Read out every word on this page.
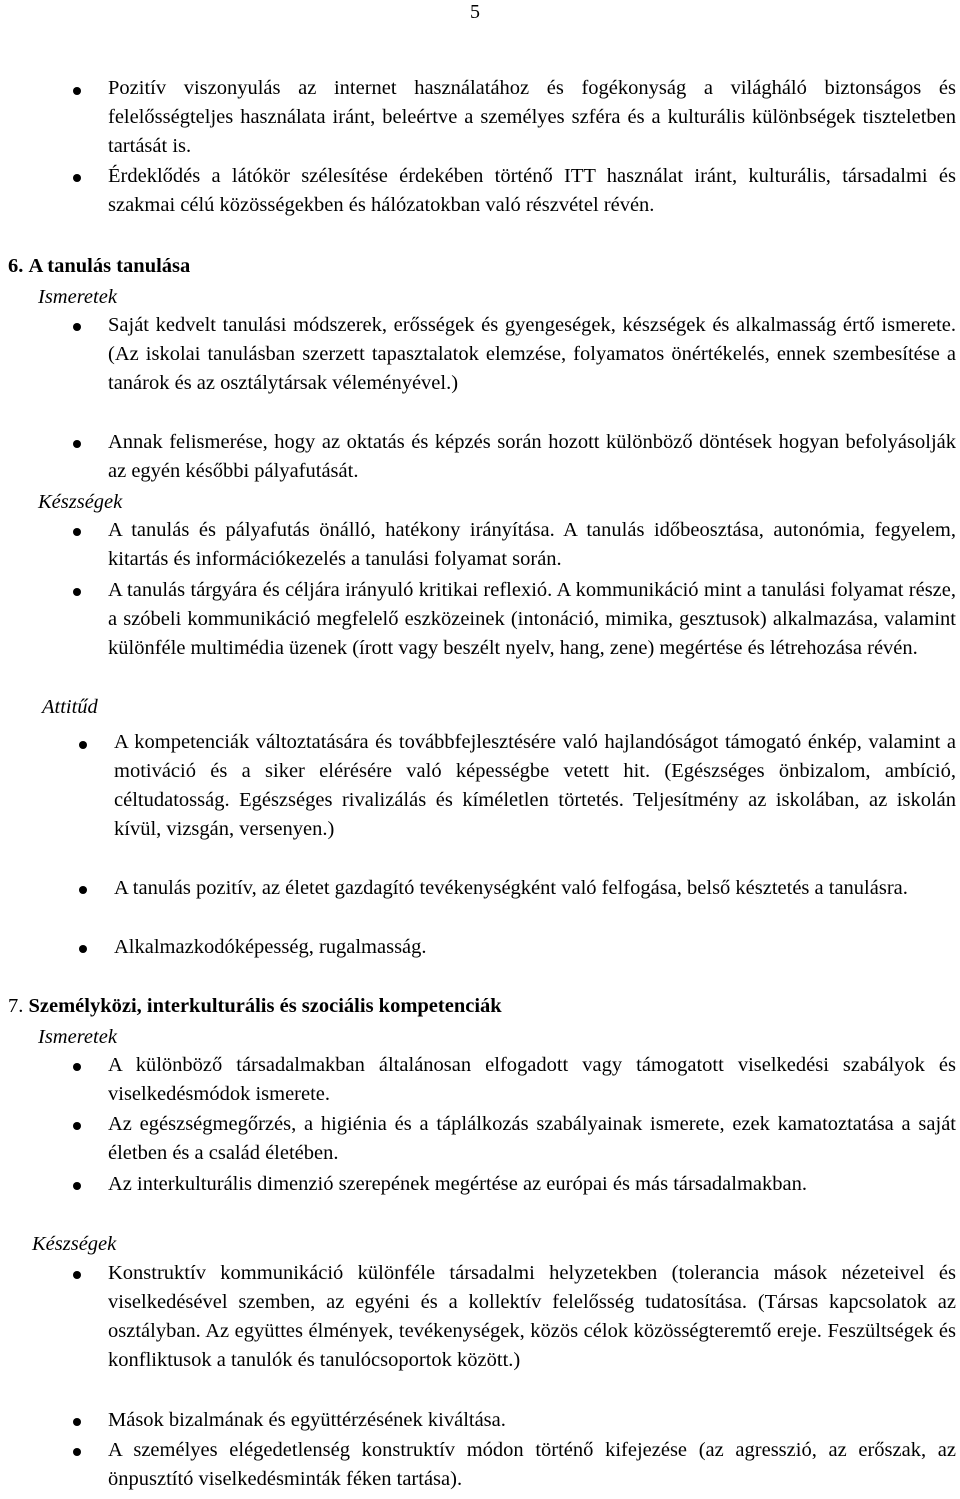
5
Pozitív viszonyulás az internet használatához és fogékonyság a világháló biztonságos és felelősségteljes használata iránt, beleértve a személyes szféra és a kulturális különbségek tiszteletben tartását is.
Érdeklődés a látókör szélesítése érdekében történő ITT használat iránt, kulturális, társadalmi és szakmai célú közösségekben és hálózatokban való részvétel révén.
6. A tanulás tanulása
Ismeretek
Saját kedvelt tanulási módszerek, erősségek és gyengeségek, készségek és alkalmasság értő ismerete. (Az iskolai tanulásban szerzett tapasztalatok elemzése, folyamatos önértékelés, ennek szembesítése a tanárok és az osztálytársak véleményével.)
Annak felismerése, hogy az oktatás és képzés során hozott különböző döntések hogyan befolyásolják az egyén későbbi pályafutását.
Készségek
A tanulás és pályafutás önálló, hatékony irányítása. A tanulás időbeosztása, autonómia, fegyelem, kitartás és információkezelés a tanulási folyamat során.
A tanulás tárgyára és céljára irányuló kritikai reflexió. A kommunikáció mint a tanulási folyamat része, a szóbeli kommunikáció megfelelő eszközeinek (intonáció, mimika, gesztusok) alkalmazása, valamint különféle multimédia üzenek (írott vagy beszélt nyelv, hang, zene) megértése és létrehozása révén.
Attitűd
A kompetenciák változtatására és továbbfejlesztésére való hajlandóságot támogató énkép, valamint a motiváció és a siker elérésére való képességbe vetett hit. (Egészséges önbizalom, ambíció, céltudatosság. Egészséges rivalizálás és kíméletlen törtetés. Teljesítmény az iskolában, az iskolán kívül, vizsgán, versenyen.)
A tanulás pozitív, az életet gazdagító tevékenységként való felfogása, belső késztetés a tanulásra.
Alkalmazkodóképesség, rugalmasság.
7. Személyközi, interkulturális és szociális kompetenciák
Ismeretek
A különböző társadalmakban általánosan elfogadott vagy támogatott viselkedési szabályok és viselkedésmódok ismerete.
Az egészségmegőrzés, a higiénia és a táplálkozás szabályainak ismerete, ezek kamatoztatása a saját életben és a család életében.
Az interkulturális dimenzió szerepének megértése az európai és más társadalmakban.
Készségek
Konstruktív kommunikáció különféle társadalmi helyzetekben (tolerancia mások nézeteivel és viselkedésével szemben, az egyéni és a kollektív felelősség tudatosítása. (Társas kapcsolatok az osztályban. Az együttes élmények, tevékenységek, közös célok közösségteremtő ereje. Feszültségek és konfliktusok a tanulók és tanulócsoportok között.)
Mások bizalmának és együttérzésének kiváltása.
A személyes elégedetlenség konstruktív módon történő kifejezése (az agresszió, az erőszak, az önpusztító viselkedésminták féken tartása).
